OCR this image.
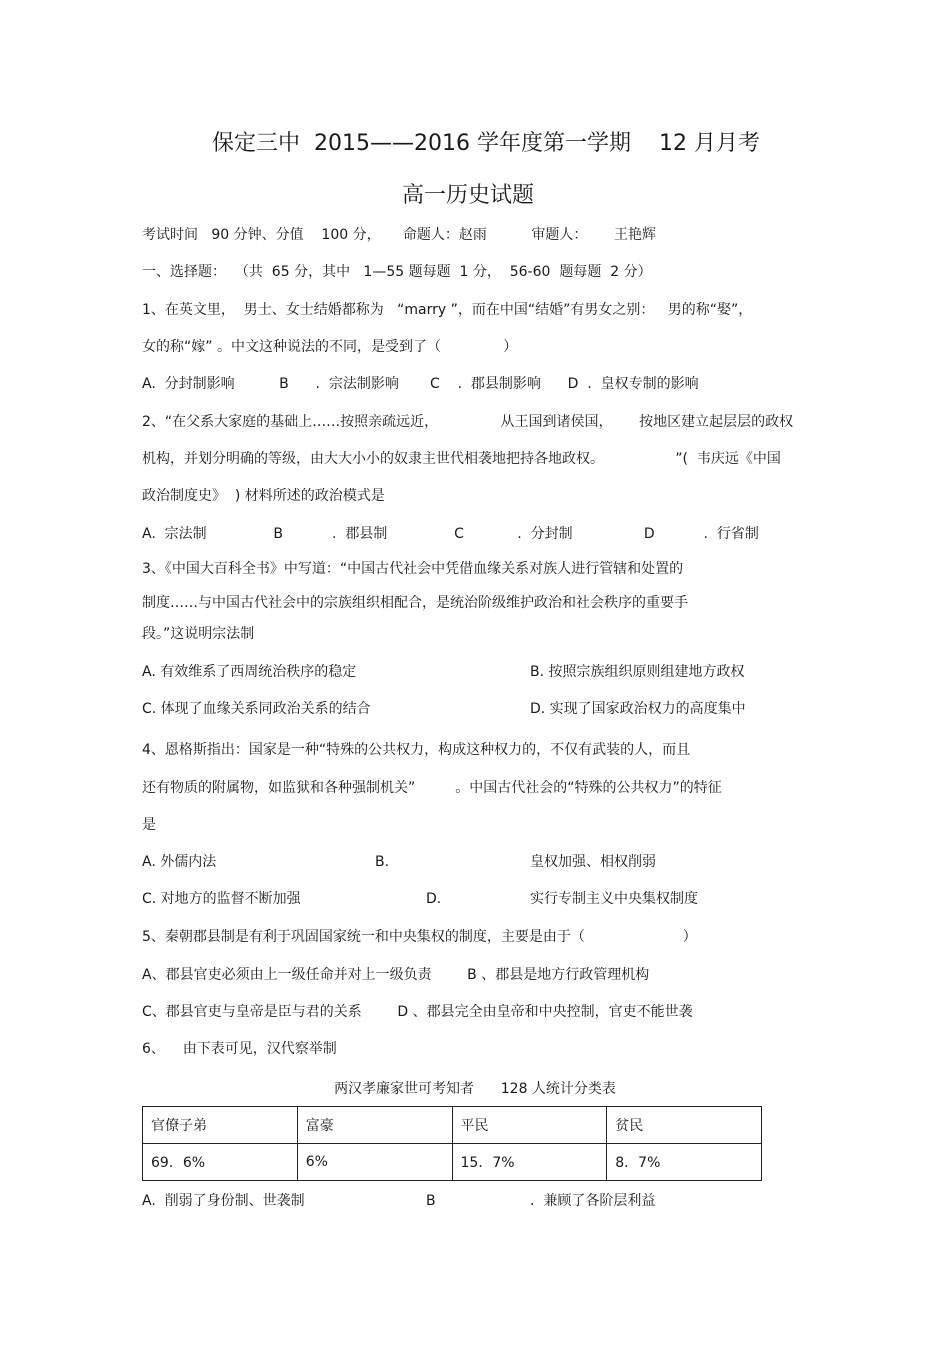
保定三中  2015——2016 学年度第一学期    12 月月考
高一历史试题
考试时间   90 分钟、分值    100 分，     命题人：赵雨          审题人：      王艳辉
一、选择题：  （共  65 分，其中   1—55 题每题  1 分，  56-60  题每题  2 分）
1、在英文里，  男士、女士结婚都称为   “marry ”，而在中国“结婚”有男女之别：   男的称“娶”，
女的称“嫁” 。中文这种说法的不同，是受到了（              ）
A.  分封制影响          B      .  宗法制影响       C    .  郡县制影响      D  .  皇权专制的影响
2、“在父系大家庭的基础上……按照亲疏远近，              从王国到诸侯国，      按地区建立起层层的政权
机构，并划分明确的等级，由大大小小的奴隶主世代相袭地把持各地政权。                ”(  韦庆远《中国
政治制度史》  ) 材料所述的政治模式是
A.  宗法制               B           .  郡县制               C            .  分封制                D           .  行省制
3、《中国大百科全书》中写道：“中国古代社会中凭借血缘关系对族人进行管辖和处置的
制度……与中国古代社会中的宗族组织相配合，是统治阶级维护政治和社会秩序的重要手
段。”这说明宗法制
A. 有效维系了西周统治秩序的稳定	B. 按照宗族组织原则组建地方政权
C. 体现了血缘关系同政治关系的结合	D. 实现了国家政治权力的高度集中
4、恩格斯指出：国家是一种“特殊的公共权力，构成这种权力的，不仅有武装的人，而且
还有物质的附属物，如监狱和各种强制机关”         。中国古代社会的“特殊的公共权力”的特征
是
A. 外儒内法	B.	皇权加强、相权削弱
C. 对地方的监督不断加强	D.	实行专制主义中央集权制度
5、秦朝郡县制是有利于巩固国家统一和中央集权的制度，主要是由于（                      ）
A、郡县官吏必须由上一级任命并对上一级负责        B 、郡县是地方行政管理机构
C、郡县官吏与皇帝是臣与君的关系        D 、郡县完全由皇帝和中央控制，官吏不能世袭
6、    由下表可见，汉代察举制
两汉孝廉家世可考知者      128 人统计分类表
官僚子弟	富豪	平民	贫民
69．6%	6%	15．7%	8．7%
A.  削弱了身份制、世袭制	B	.  兼顾了各阶层利益
